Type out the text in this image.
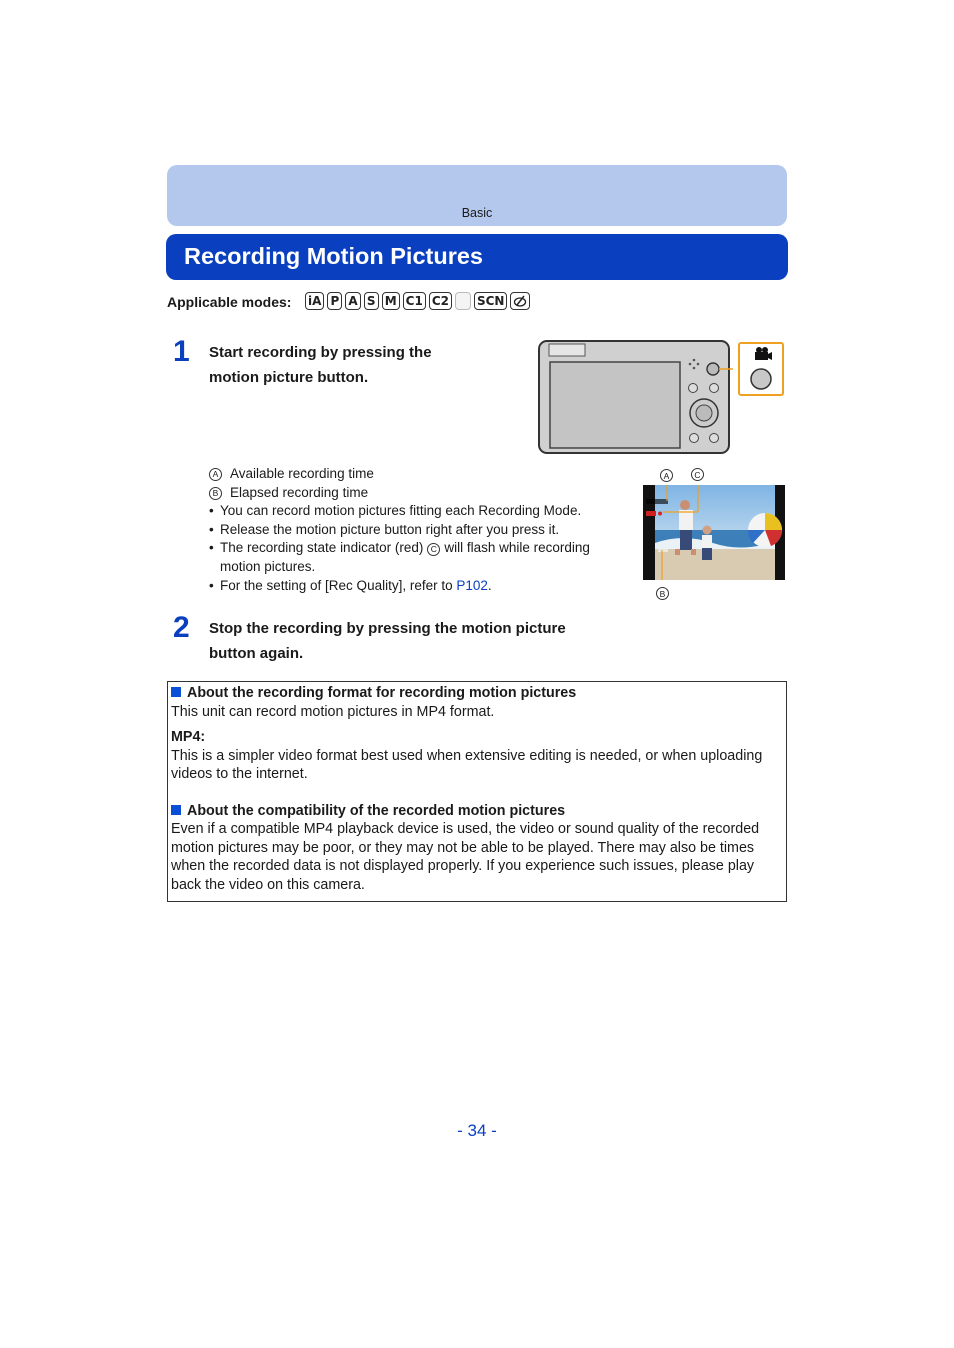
Basic
Recording Motion Pictures
Applicable modes: iA P A S M C1 C2 SCN
1 Start recording by pressing the
motion picture button.
A Available recording time
B Elapsed recording time
• You can record motion pictures fitting each Recording Mode.
• Release the motion picture button right after you press it.
• The recording state indicator (red) C will flash while recording
motion pictures.
• For the setting of [Rec Quality], refer to P102.
A	C
B
2 Stop the recording by pressing the motion picture
button again.
About the recording format for recording motion pictures
This unit can record motion pictures in MP4 format.
MP4:
This is a simpler video format best used when extensive editing is needed, or when uploading
videos to the internet.
About the compatibility of the recorded motion pictures
Even if a compatible MP4 playback device is used, the video or sound quality of the recorded
motion pictures may be poor, or they may not be able to be played. There may also be times
when the recorded data is not displayed properly. If you experience such issues, please play
back the video on this camera.
- 34 -
